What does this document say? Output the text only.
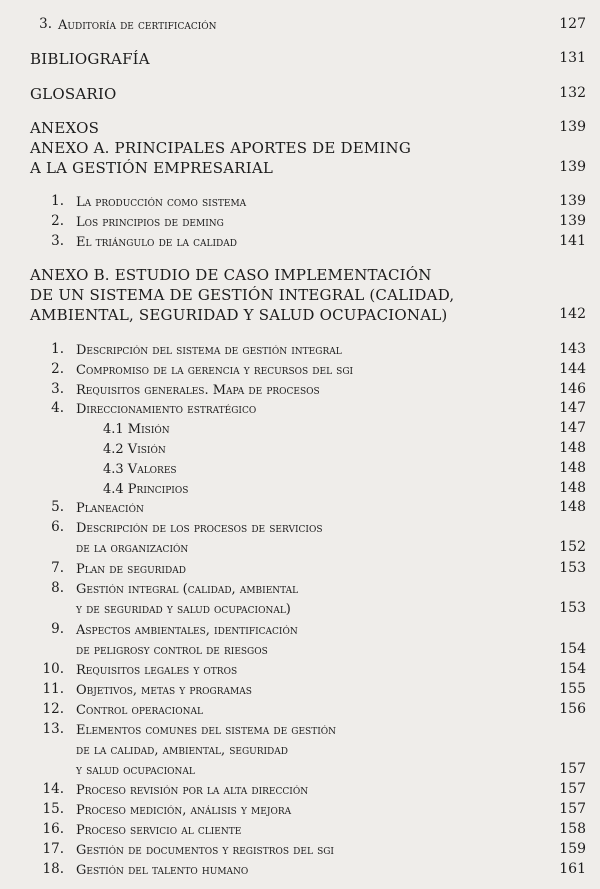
3. Auditoría de certificación	127
BIBLIOGRAFÍA	131
GLOSARIO	132
ANEXOS	139
ANEXO A. PRINCIPALES APORTES DE DEMING
A LA GESTIÓN EMPRESARIAL	139
1. La producción como sistema	139
2. Los principios de deming	139
3. El triángulo de la calidad	141
ANEXO B. ESTUDIO DE CASO IMPLEMENTACIÓN
DE UN SISTEMA DE GESTIÓN INTEGRAL (CALIDAD,
AMBIENTAL, SEGURIDAD Y SALUD OCUPACIONAL)	142
1. Descripción del sistema de gestión integral	143
2. Compromiso de la gerencia y recursos del sgi	144
3. Requisitos generales. Mapa de procesos	146
4. Direccionamiento estratégico	147
4.1 Misión	147
4.2 Visión	148
4.3 Valores	148
4.4 Principios	148
5. Planeación	148
6. Descripción de los procesos de servicios
de la organización	152
7. Plan de seguridad	153
8. Gestión integral (calidad, ambiental
y de seguridad y salud ocupacional)	153
9. Aspectos ambientales, identificación
de peligrosy control de riesgos	154
10. Requisitos legales y otros	154
11. Objetivos, metas y programas	155
12. Control operacional	156
13. Elementos comunes del sistema de gestión
de la calidad, ambiental, seguridad
y salud ocupacional	157
14. Proceso revisión por la alta dirección	157
15. Proceso medición, análisis y mejora	157
16. Proceso servicio al cliente	158
17. Gestión de documentos y registros del sgi	159
18. Gestión del talento humano	161
